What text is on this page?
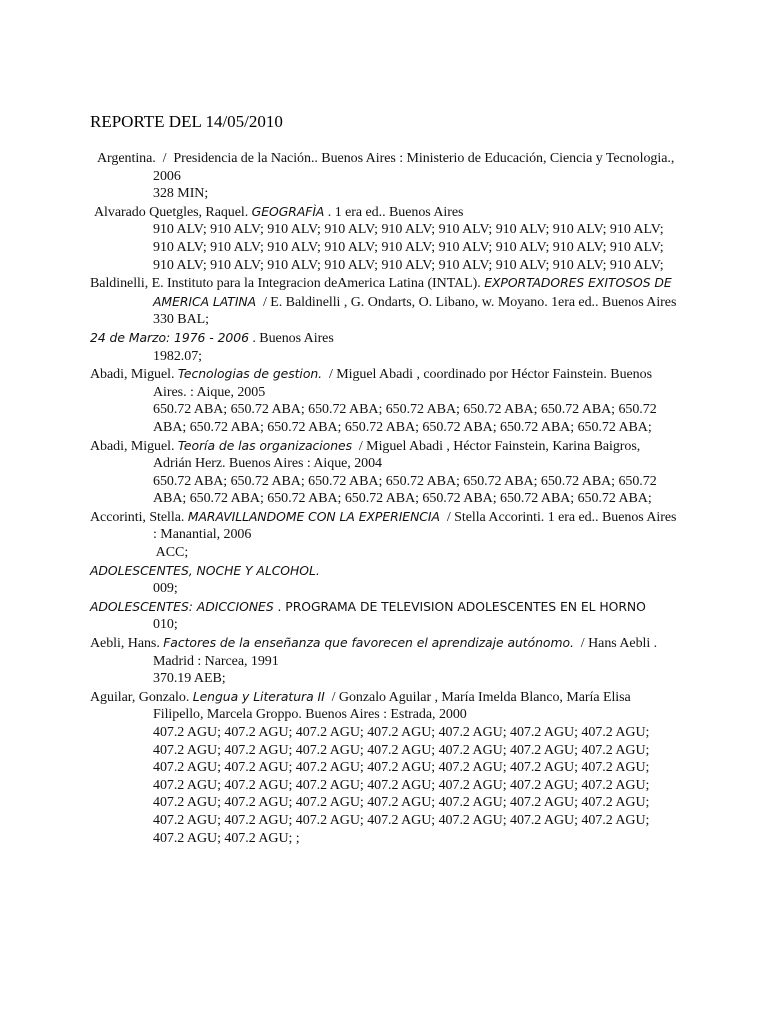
REPORTE DEL 14/05/2010

Argentina.  /  Presidencia de la Nación.. Buenos Aires : Ministerio de Educación, Ciencia y Tecnologia., 2006

328 MIN;

Alvarado Quetgles, Raquel. GEOGRAFÌA . 1 era ed.. Buenos Aires

910 ALV; 910 ALV; 910 ALV; 910 ALV; 910 ALV; 910 ALV; 910 ALV; 910 ALV; 910 ALV; 910 ALV; 910 ALV; 910 ALV; 910 ALV; 910 ALV; 910 ALV; 910 ALV; 910 ALV; 910 ALV; 910 ALV; 910 ALV; 910 ALV; 910 ALV; 910 ALV; 910 ALV; 910 ALV; 910 ALV; 910 ALV;

Baldinelli, E. Instituto para la Integracion deAmerica Latina (INTAL). EXPORTADORES EXITOSOS DE AMERICA LATINA  / E. Baldinelli , G. Ondarts, O. Libano, w. Moyano. 1era ed.. Buenos Aires

330 BAL;

24 de Marzo: 1976 - 2006 . Buenos Aires

1982.07;

Abadi, Miguel. Tecnologias de gestion.  / Miguel Abadi , coordinado por Héctor Fainstein. Buenos Aires. : Aique, 2005

650.72 ABA; 650.72 ABA; 650.72 ABA; 650.72 ABA; 650.72 ABA; 650.72 ABA; 650.72 ABA; 650.72 ABA; 650.72 ABA; 650.72 ABA; 650.72 ABA; 650.72 ABA; 650.72 ABA;

Abadi, Miguel. Teoría de las organizaciones  / Miguel Abadi , Héctor Fainstein, Karina Baigros, Adrián Herz. Buenos Aires : Aique, 2004

650.72 ABA; 650.72 ABA; 650.72 ABA; 650.72 ABA; 650.72 ABA; 650.72 ABA; 650.72 ABA; 650.72 ABA; 650.72 ABA; 650.72 ABA; 650.72 ABA; 650.72 ABA; 650.72 ABA;

Accorinti, Stella. MARAVILLANDOME CON LA EXPERIENCIA  / Stella Accorinti. 1 era ed.. Buenos Aires : Manantial, 2006

ACC;

ADOLESCENTES, NOCHE Y ALCOHOL.

009;

ADOLESCENTES: ADICCIONES . PROGRAMA DE TELEVISION ADOLESCENTES EN EL HORNO

010;

Aebli, Hans. Factores de la enseñanza que favorecen el aprendizaje autónomo.  / Hans Aebli . Madrid : Narcea, 1991

370.19 AEB;

Aguilar, Gonzalo. Lengua y Literatura II  / Gonzalo Aguilar , María Imelda Blanco, María Elisa Filipello, Marcela Groppo. Buenos Aires : Estrada, 2000

407.2 AGU; 407.2 AGU; 407.2 AGU; 407.2 AGU; 407.2 AGU; 407.2 AGU; 407.2 AGU; 407.2 AGU; 407.2 AGU; 407.2 AGU; 407.2 AGU; 407.2 AGU; 407.2 AGU; 407.2 AGU; 407.2 AGU; 407.2 AGU; 407.2 AGU; 407.2 AGU; 407.2 AGU; 407.2 AGU; 407.2 AGU; 407.2 AGU; 407.2 AGU; 407.2 AGU; 407.2 AGU; 407.2 AGU; 407.2 AGU; 407.2 AGU; 407.2 AGU; 407.2 AGU; 407.2 AGU; 407.2 AGU; 407.2 AGU; 407.2 AGU; 407.2 AGU; 407.2 AGU; 407.2 AGU; 407.2 AGU; 407.2 AGU; 407.2 AGU; 407.2 AGU; 407.2 AGU; 407.2 AGU; 407.2 AGU; ;
